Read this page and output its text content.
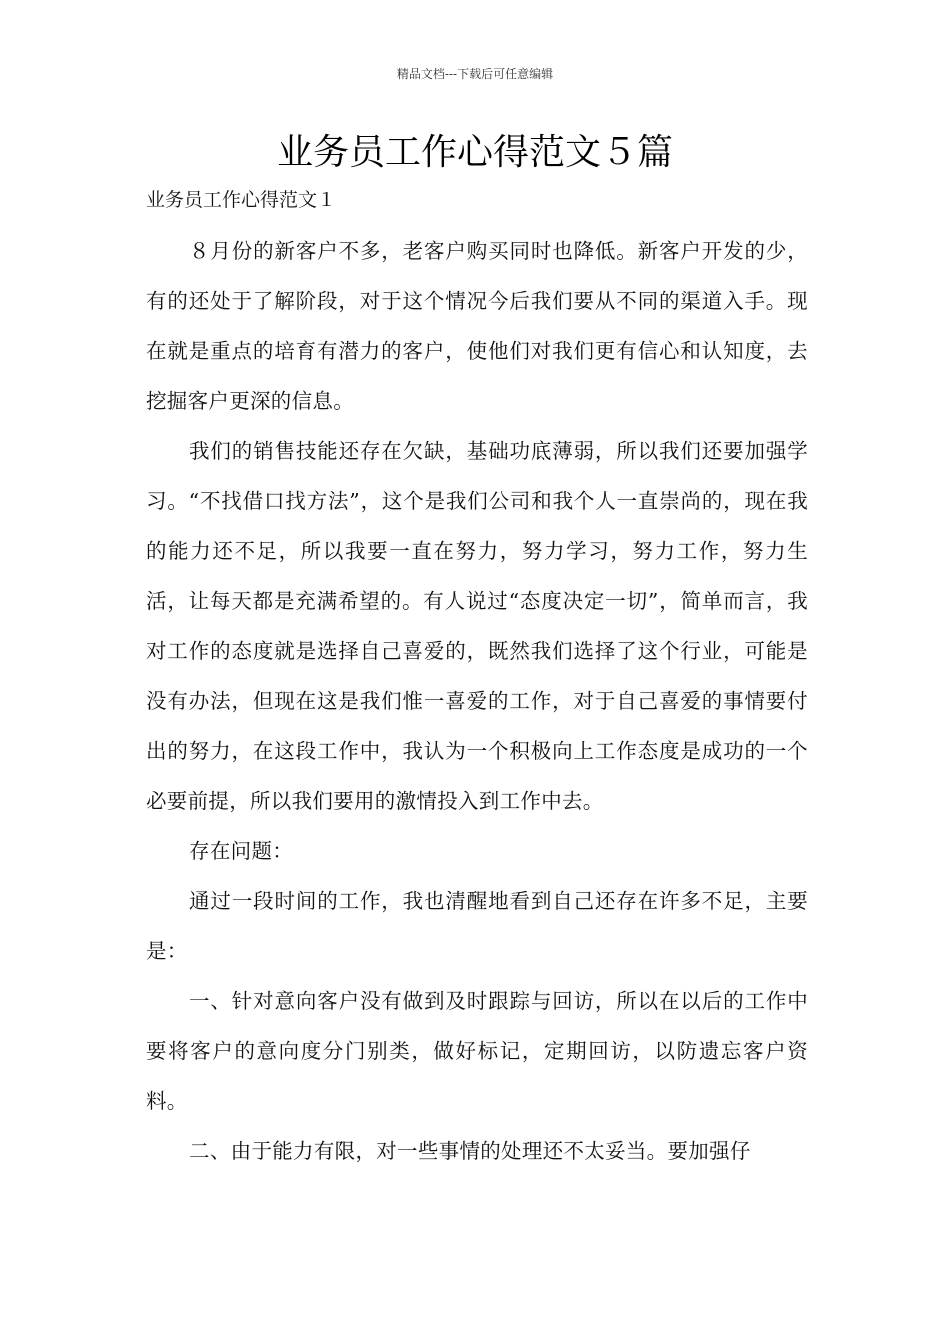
精品文档---下载后可任意编辑
业务员工作心得范文５篇

业务员工作心得范文１

８月份的新客户不多，老客户购买同时也降低。新客户开发的少，有的还处于了解阶段，对于这个情况今后我们要从不同的渠道入手。现在就是重点的培育有潜力的客户，使他们对我们更有信心和认知度，去挖掘客户更深的信息。

我们的销售技能还存在欠缺，基础功底薄弱，所以我们还要加强学习。“不找借口找方法”，这个是我们公司和我个人一直崇尚的，现在我的能力还不足，所以我要一直在努力，努力学习，努力工作，努力生活，让每天都是充满希望的。有人说过“态度决定一切”，简单而言，我对工作的态度就是选择自己喜爱的，既然我们选择了这个行业，可能是没有办法，但现在这是我们惟一喜爱的工作，对于自己喜爱的事情要付出的努力，在这段工作中，我认为一个积极向上工作态度是成功的一个必要前提，所以我们要用的激情投入到工作中去。

存在问题：

通过一段时间的工作，我也清醒地看到自己还存在许多不足，主要是：

一、针对意向客户没有做到及时跟踪与回访，所以在以后的工作中要将客户的意向度分门别类，做好标记，定期回访，以防遗忘客户资料。

二、由于能力有限，对一些事情的处理还不太妥当。要加强仔
